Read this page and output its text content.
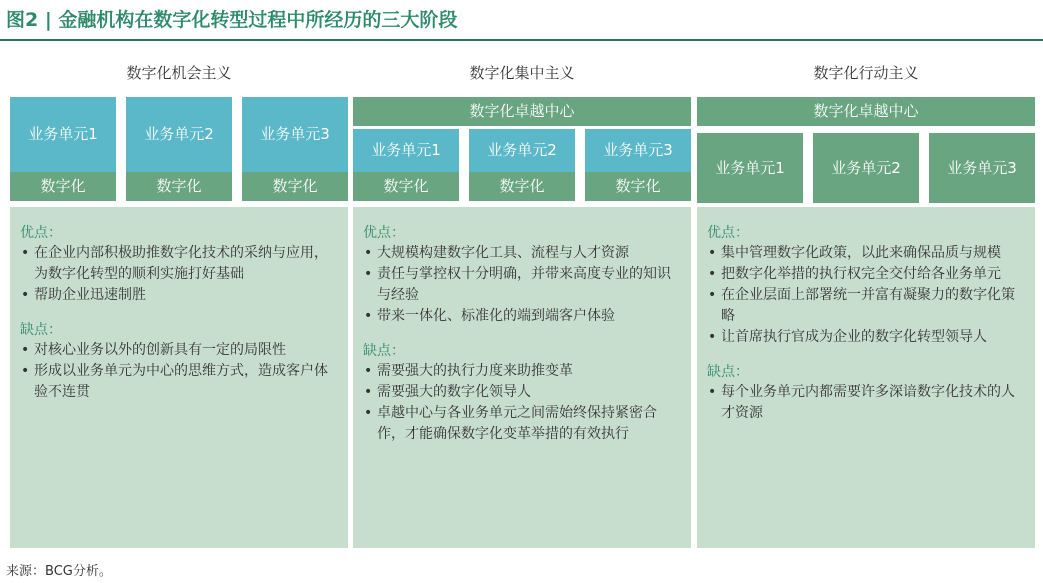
图2 | 金融机构在数字化转型过程中所经历的三大阶段
数字化机会主义
业务单元1	业务单元2	业务单元3
数字化	数字化	数字化
优点：
• 在企业内部积极助推数字化技术的采纳与应用，为数字化转型的顺利实施打好基础
• 帮助企业迅速制胜
缺点：
• 对核心业务以外的创新具有一定的局限性
• 形成以业务单元为中心的思维方式，造成客户体验不连贯
数字化集中主义
数字化卓越中心
业务单元1	业务单元2	业务单元3
数字化	数字化	数字化
优点：
• 大规模构建数字化工具、流程与人才资源
• 责任与掌控权十分明确，并带来高度专业的知识与经验
• 带来一体化、标准化的端到端客户体验
缺点：
• 需要强大的执行力度来助推变革
• 需要强大的数字化领导人
• 卓越中心与各业务单元之间需始终保持紧密合作，才能确保数字化变革举措的有效执行
数字化行动主义
数字化卓越中心
业务单元1	业务单元2	业务单元3
优点：
• 集中管理数字化政策，以此来确保品质与规模
• 把数字化举措的执行权完全交付给各业务单元
• 在企业层面上部署统一并富有凝聚力的数字化策略
• 让首席执行官成为企业的数字化转型领导人
缺点：
• 每个业务单元内都需要许多深谙数字化技术的人才资源
来源：BCG分析。
